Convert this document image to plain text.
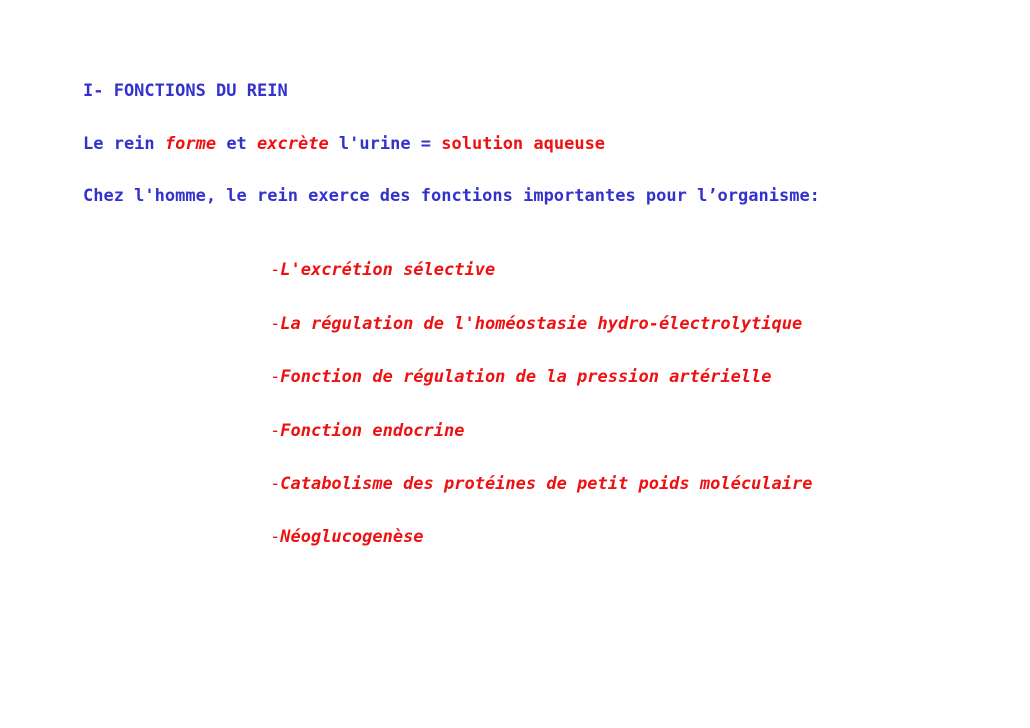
I- FONCTIONS DU REIN
Le rein forme et excrète l'urine = solution aqueuse
Chez l'homme, le rein exerce des fonctions importantes pour l’organisme:
-L'excrétion sélective
-La régulation de l'homéostasie hydro-électrolytique
-Fonction de régulation de la pression artérielle
-Fonction endocrine
-Catabolisme des protéines de petit poids moléculaire
-Néoglucogenèse
